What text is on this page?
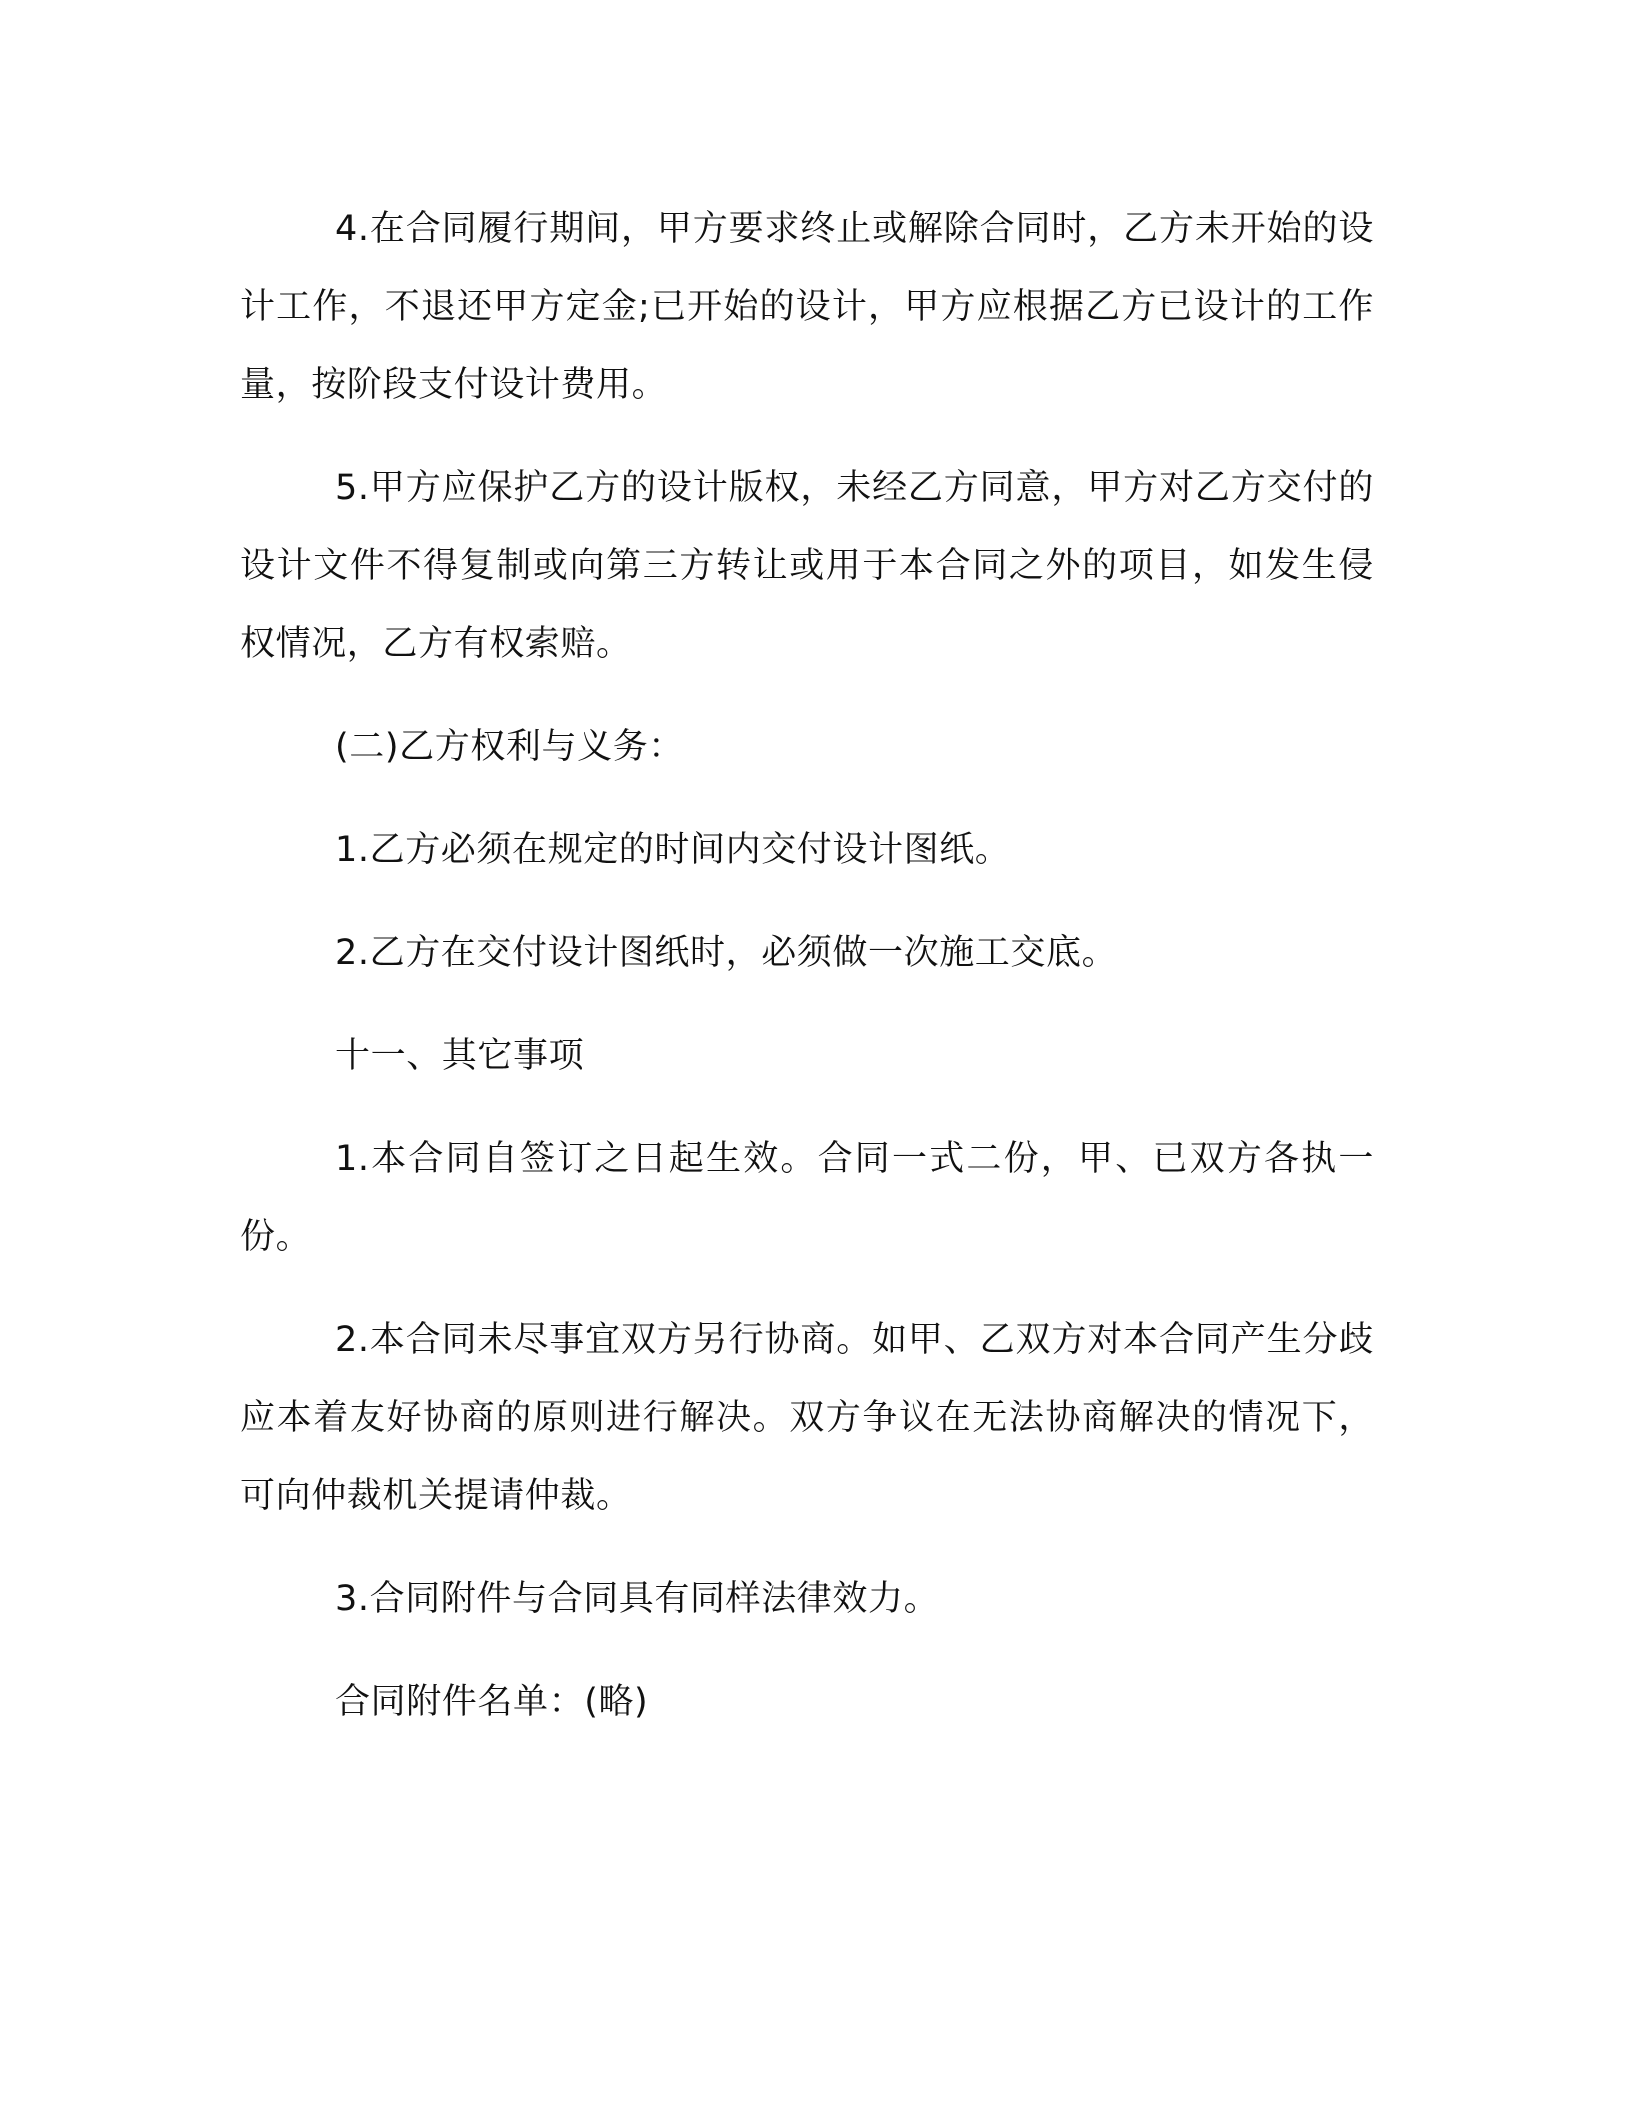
4.在合同履行期间，甲方要求终止或解除合同时，乙方未开始的设计工作，不退还甲方定金;已开始的设计，甲方应根据乙方已设计的工作量，按阶段支付设计费用。

5.甲方应保护乙方的设计版权，未经乙方同意，甲方对乙方交付的设计文件不得复制或向第三方转让或用于本合同之外的项目，如发生侵权情况，乙方有权索赔。

(二)乙方权利与义务：

1.乙方必须在规定的时间内交付设计图纸。

2.乙方在交付设计图纸时，必须做一次施工交底。

十一、其它事项

1.本合同自签订之日起生效。合同一式二份，甲、已双方各执一份。

2.本合同未尽事宜双方另行协商。如甲、乙双方对本合同产生分歧应本着友好协商的原则进行解决。双方争议在无法协商解决的情况下，可向仲裁机关提请仲裁。

3.合同附件与合同具有同样法律效力。

合同附件名单：(略)
